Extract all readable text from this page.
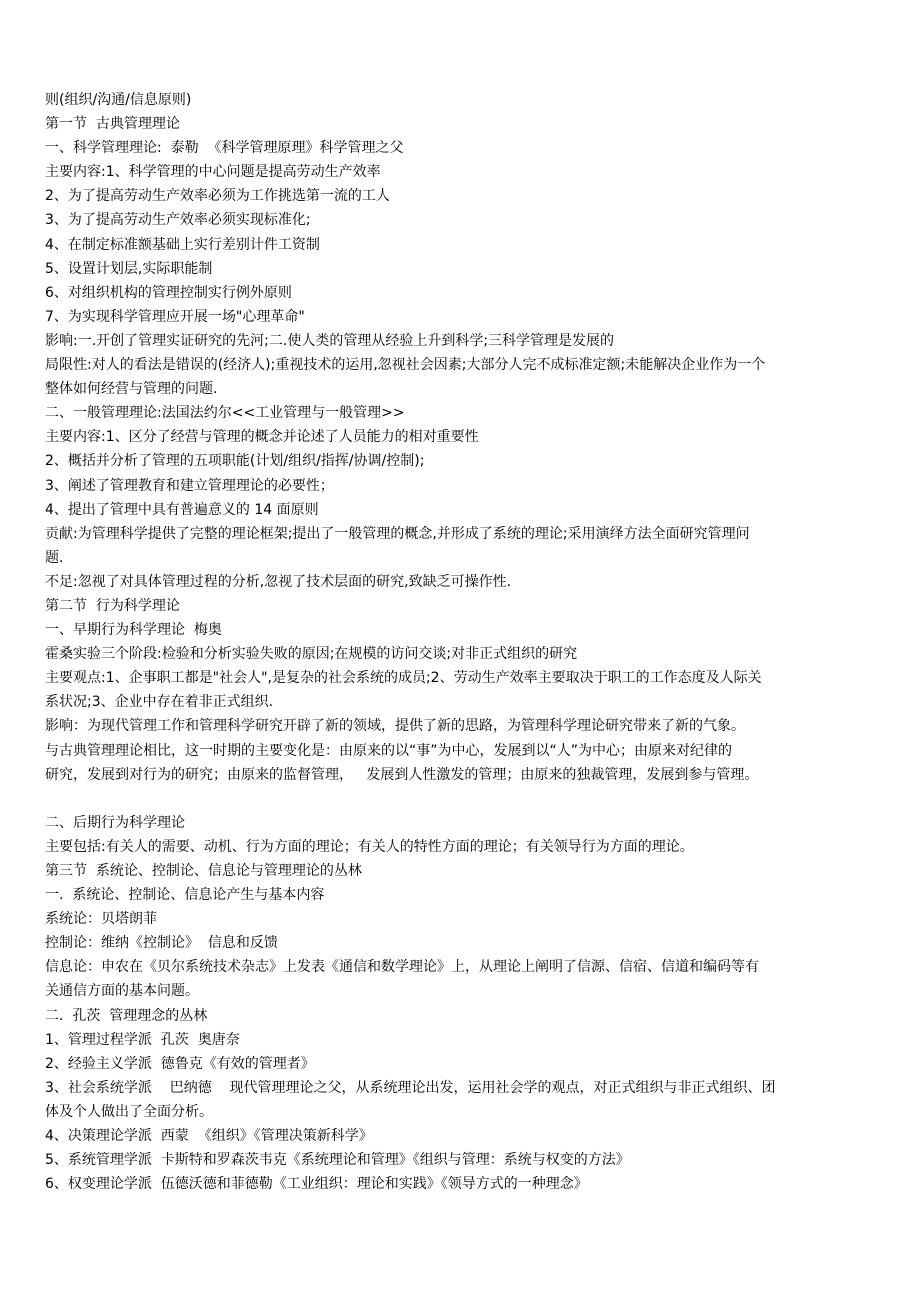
则(组织/沟通/信息原则)
第一节  古典管理理论
一、科学管理理论:  泰勒  《科学管理原理》科学管理之父
主要内容:1、科学管理的中心问题是提高劳动生产效率
2、为了提高劳动生产效率必须为工作挑选第一流的工人
3、为了提高劳动生产效率必须实现标准化;
4、在制定标准额基础上实行差别计件工资制
5、设置计划层,实际职能制
6、对组织机构的管理控制实行例外原则
7、为实现科学管理应开展一场"心理革命"
影响:一.开创了管理实证研究的先河;二.使人类的管理从经验上升到科学;三科学管理是发展的
局限性:对人的看法是错误的(经济人);重视技术的运用,忽视社会因素;大部分人完不成标准定额;未能解决企业作为一个
整体如何经营与管理的问题.
二、一般管理理论:法国法约尔<<工业管理与一般管理>>
主要内容:1、区分了经营与管理的概念并论述了人员能力的相对重要性
2、概括并分析了管理的五项职能(计划/组织/指挥/协调/控制);
3、阐述了管理教育和建立管理理论的必要性；
4、提出了管理中具有普遍意义的 14 面原则
贡献:为管理科学提供了完整的理论框架;提出了一般管理的概念,并形成了系统的理论;采用演绎方法全面研究管理问
题.
不足:忽视了对具体管理过程的分析,忽视了技术层面的研究,致缺乏可操作性.
第二节  行为科学理论
一、早期行为科学理论  梅奥
霍桑实验三个阶段:检验和分析实验失败的原因;在规模的访问交谈;对非正式组织的研究
主要观点:1、企事职工都是"社会人",是复杂的社会系统的成员;2、劳动生产效率主要取决于职工的工作态度及人际关
系状况;3、企业中存在着非正式组织.
影响：为现代管理工作和管理科学研究开辟了新的领域，提供了新的思路，为管理科学理论研究带来了新的气象。
与古典管理理论相比，这一时期的主要变化是：由原来的以“事”为中心，发展到以“人”为中心；由原来对纪律的
研究，发展到对行为的研究；由原来的监督管理，   发展到人性激发的管理；由原来的独裁管理，发展到参与管理。
二、后期行为科学理论
主要包括:有关人的需要、动机、行为方面的理论；有关人的特性方面的理论；有关领导行为方面的理论。
第三节  系统论、控制论、信息论与管理理论的丛林
一.  系统论、控制论、信息论产生与基本内容
系统论：贝塔朗菲
控制论：维纳《控制论》  信息和反馈
信息论：申农在《贝尔系统技术杂志》上发表《通信和数学理论》上，从理论上阐明了信源、信宿、信道和编码等有
关通信方面的基本问题。
二.  孔茨  管理理念的丛林
1、管理过程学派  孔茨  奥唐奈
2、经验主义学派  德鲁克《有效的管理者》
3、社会系统学派    巴纳德    现代管理理论之父，从系统理论出发，运用社会学的观点，对正式组织与非正式组织、团
体及个人做出了全面分析。
4、决策理论学派  西蒙  《组织》《管理决策新科学》
5、系统管理学派  卡斯特和罗森茨韦克《系统理论和管理》《组织与管理：系统与权变的方法》
6、权变理论学派  伍德沃德和菲德勒《工业组织：理论和实践》《领导方式的一种理念》
